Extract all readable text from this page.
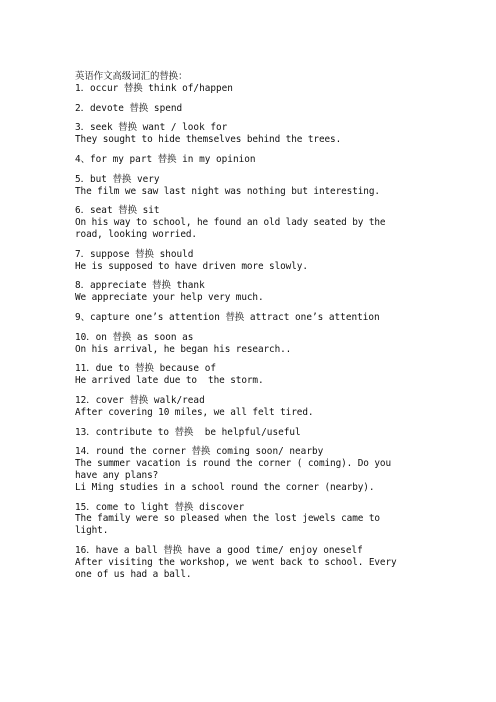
英语作文高级词汇的替换：

1．occur 替换 think of/happen

2．devote 替换 spend

3．seek 替换 want / look for

They sought to hide themselves behind the trees.

4、for my part 替换 in my opinion

5．but 替换 very

The film we saw last night was nothing but interesting.

6．seat 替换 sit

On his way to school, he found an old lady seated by the road, looking worried.

7．suppose 替换 should

He is supposed to have driven more slowly.

8．appreciate 替换 thank

We appreciate your help very much.

9、capture one’s attention 替换 attract one’s attention

10．on 替换 as soon as

On his arrival, he began his research..

11．due to 替换 because of

He arrived late due to  the storm.

12．cover 替换 walk/read

After covering 10 miles, we all felt tired.

13．contribute to 替换  be helpful/useful

14．round the corner 替换 coming soon/ nearby

The summer vacation is round the corner ( coming). Do you have any plans?

Li Ming studies in a school round the corner (nearby).

15．come to light 替换 discover

The family were so pleased when the lost jewels came to light.

16．have a ball 替换 have a good time/ enjoy oneself

After visiting the workshop, we went back to school. Every one of us had a ball.
